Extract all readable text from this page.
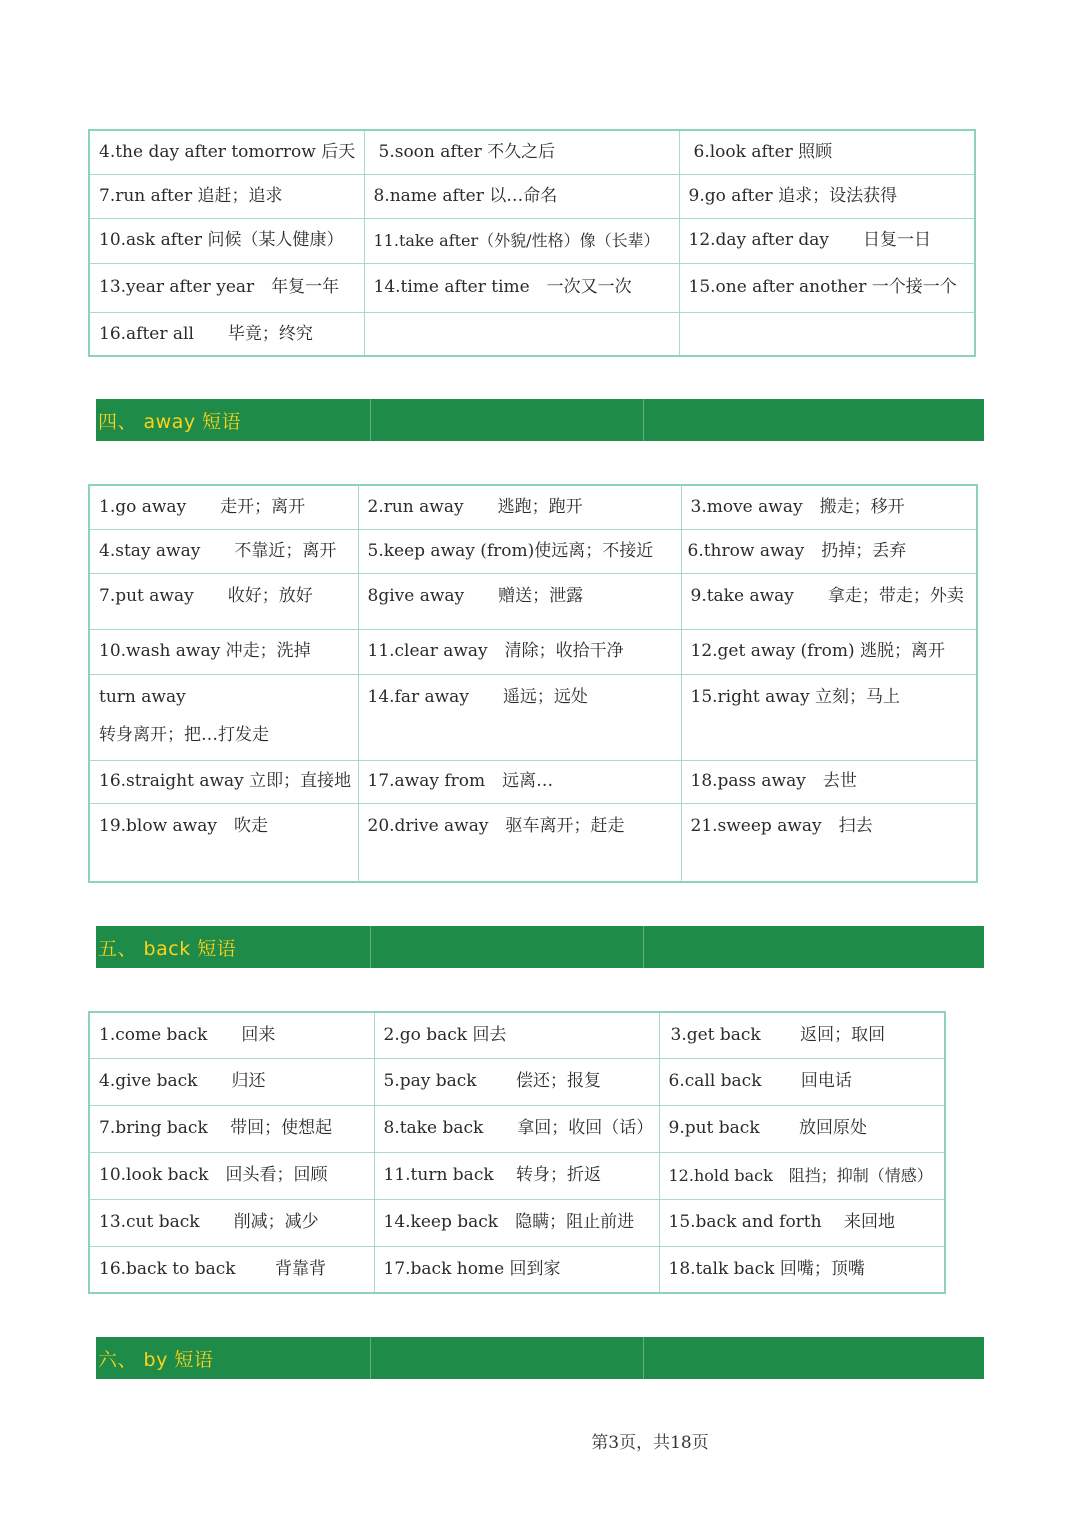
4.the day after tomorrow 后天	5.soon after 不久之后	6.look after 照顾
7.run after 追赶；追求	8.name after 以…命名	9.go after 追求；设法获得
10.ask after 问候（某人健康）	11.take after（外貌/性格）像（长辈）	12.day after day　　日复一日
13.year after year　年复一年	14.time after time　一次又一次	15.one after another 一个接一个
16.after all　　毕竟；终究		
四、 away 短语
1.go away　　走开；离开	2.run away　　逃跑；跑开	3.move away　搬走；移开
4.stay away　　不靠近；离开	5.keep away (from)使远离；不接近	6.throw away　扔掉；丢弃
7.put away　　收好；放好	8give away　　赠送；泄露	9.take away　　拿走；带走；外卖
10.wash away 冲走；洗掉	11.clear away　清除；收拾干净	12.get away (from) 逃脱；离开

turn away
转身离开；把…打发走	14.far away　　遥远；远处	15.right away 立刻；马上
16.straight away 立即；直接地	17.away from　远离…	18.pass away　去世
19.blow away　吹走	20.drive away　驱车离开；赶走	21.sweep away　扫去
五、 back 短语
1.come back　　回来	2.go back 回去	3.get back　　 返回；取回
4.give back　　归还	5.pay back　　 偿还；报复	6.call back　　 回电话
7.bring back　 带回；使想起	8.take back　　拿回；收回（话）	9.put back　　 放回原处
10.look back　回头看；回顾	11.turn back　 转身；折返	12.hold back　阻挡；抑制（情感）
13.cut back　　削减；减少	14.keep back　隐瞒；阻止前进	15.back and forth　 来回地
16.back to back　　 背靠背	17.back home 回到家	18.talk back 回嘴；顶嘴
六、 by 短语
第3页，共18页
